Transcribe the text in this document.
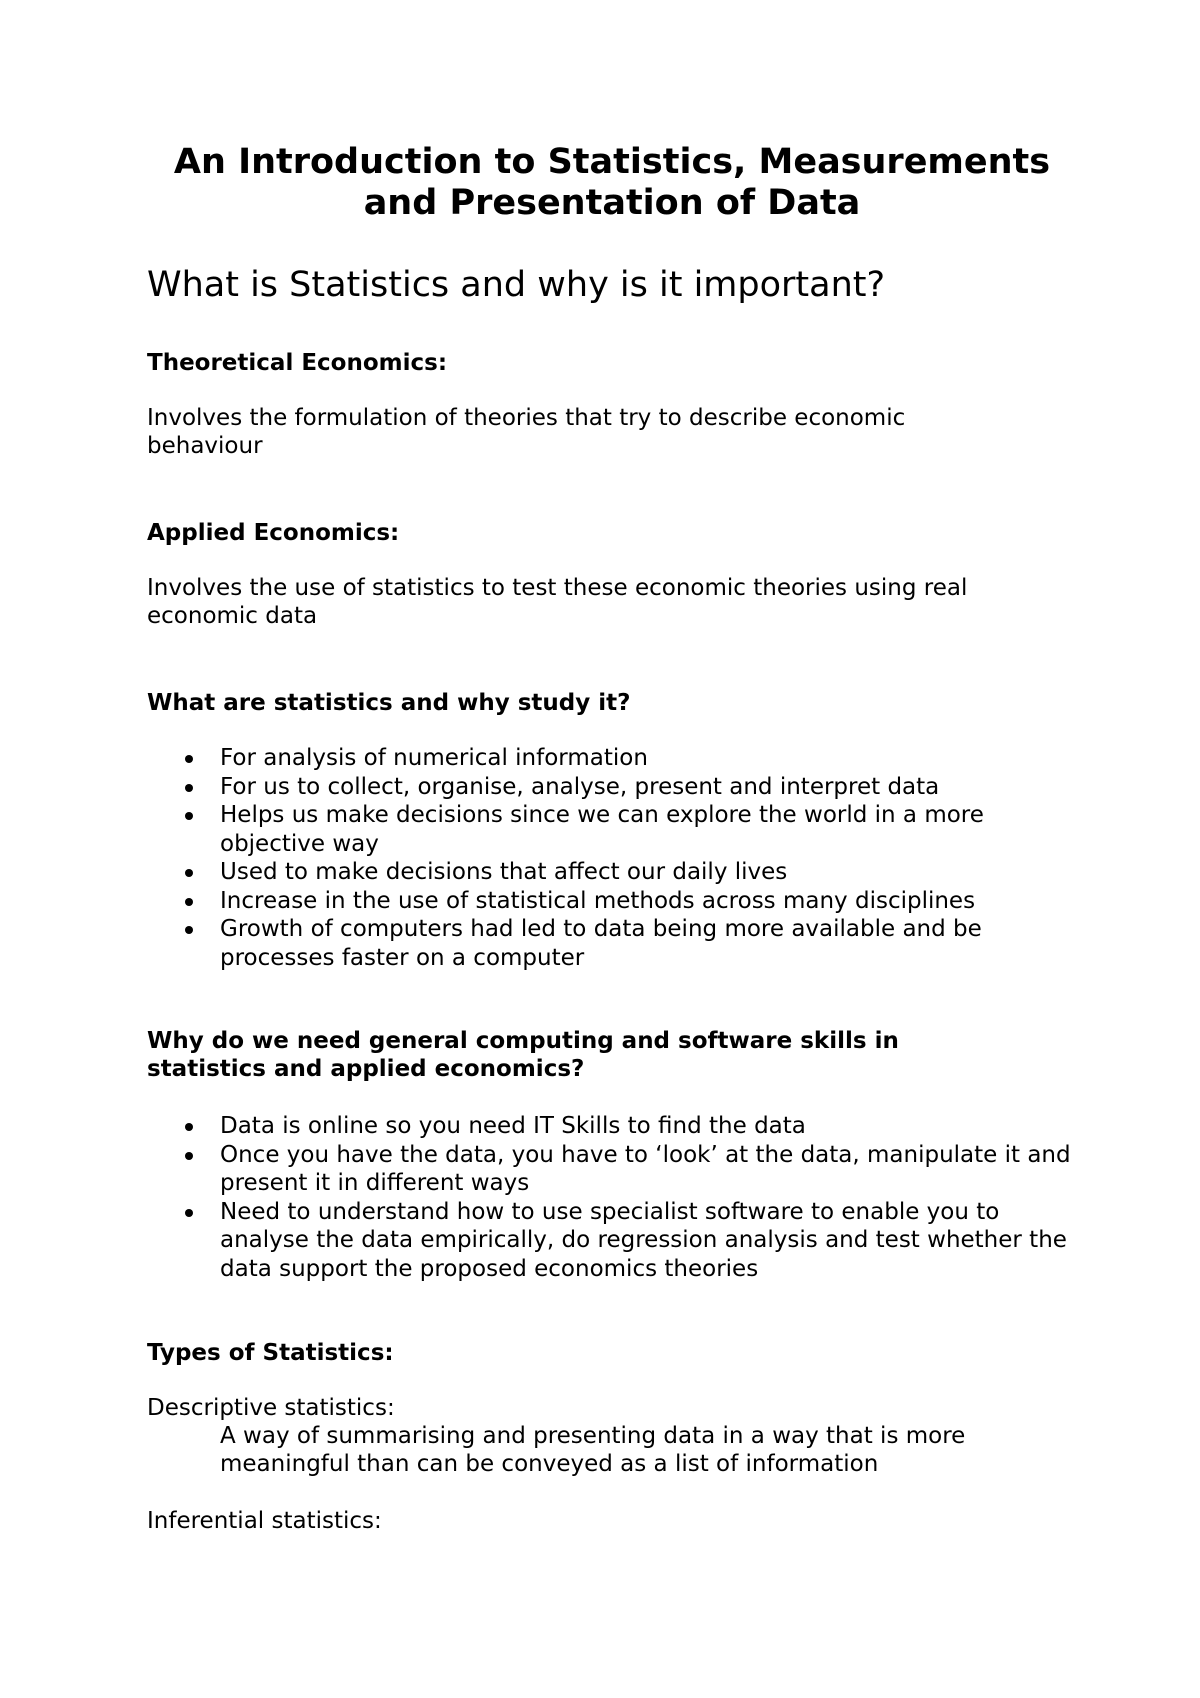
An Introduction to Statistics, Measurements
and Presentation of Data
What is Statistics and why is it important?
Theoretical Economics:

Involves the formulation of theories that try to describe economic behaviour

Applied Economics:

Involves the use of statistics to test these economic theories using real economic data

What are statistics and why study it?
For analysis of numerical information
For us to collect, organise, analyse, present and interpret data
Helps us make decisions since we can explore the world in a more objective way
Used to make decisions that affect our daily lives
Increase in the use of statistical methods across many disciplines
Growth of computers had led to data being more available and be processes faster on a computer
Why do we need general computing and software skills in statistics and applied economics?
Data is online so you need IT Skills to find the data
Once you have the data, you have to ‘look’ at the data, manipulate it and present it in different ways
Need to understand how to use specialist software to enable you to analyse the data empirically, do regression analysis and test whether the data support the proposed economics theories
Types of Statistics:

Descriptive statistics:

A way of summarising and presenting data in a way that is more meaningful than can be conveyed as a list of information

Inferential statistics:
